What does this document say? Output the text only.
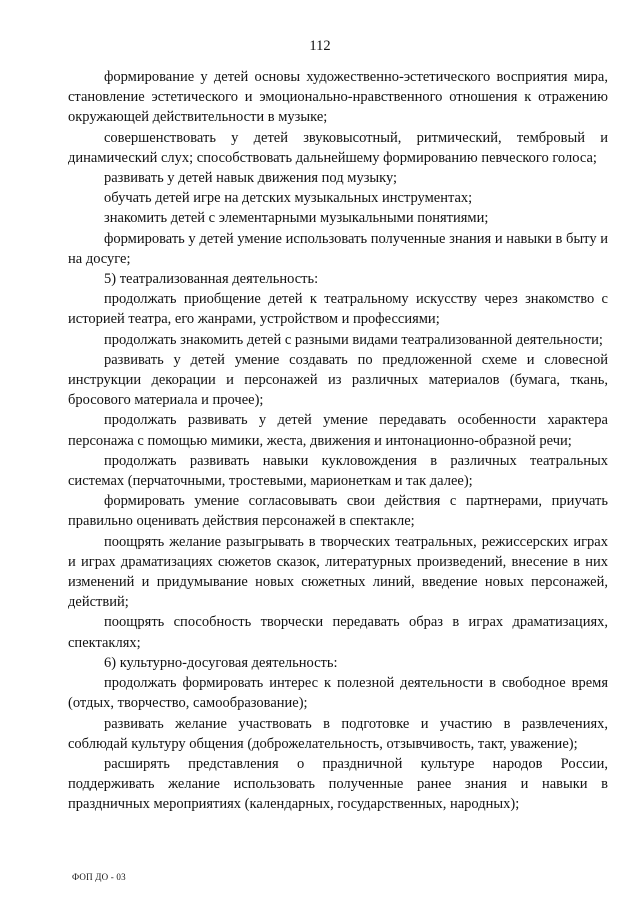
112

формирование у детей основы художественно-эстетического восприятия мира, становление эстетического и эмоционально-нравственного отношения к отражению окружающей действительности в музыке;

совершенствовать у детей звуковысотный, ритмический, тембровый и динамический слух; способствовать дальнейшему формированию певческого голоса;

развивать у детей навык движения под музыку;

обучать детей игре на детских музыкальных инструментах;

знакомить детей с элементарными музыкальными понятиями;

формировать у детей умение использовать полученные знания и навыки в быту и на досуге;

5) театрализованная деятельность:

продолжать приобщение детей к театральному искусству через знакомство с историей театра, его жанрами, устройством и профессиями;

продолжать знакомить детей с разными видами театрализованной деятельности;

развивать у детей умение создавать по предложенной схеме и словесной инструкции декорации и персонажей из различных материалов (бумага, ткань, бросового материала и прочее);

продолжать развивать у детей умение передавать особенности характера персонажа с помощью мимики, жеста, движения и интонационно-образной речи;

продолжать развивать навыки кукловождения в различных театральных системах (перчаточными, тростевыми, марионеткам и так далее);

формировать умение согласовывать свои действия с партнерами, приучать правильно оценивать действия персонажей в спектакле;

поощрять желание разыгрывать в творческих театральных, режиссерских играх и играх драматизациях сюжетов сказок, литературных произведений, внесение в них изменений и придумывание новых сюжетных линий, введение новых персонажей, действий;

поощрять способность творчески передавать образ в играх драматизациях, спектаклях;

6) культурно-досуговая деятельность:

продолжать формировать интерес к полезной деятельности в свободное время (отдых, творчество, самообразование);

развивать желание участвовать в подготовке и участию в развлечениях, соблюдай культуру общения (доброжелательность, отзывчивость, такт, уважение);

расширять представления о праздничной культуре народов России, поддерживать желание использовать полученные ранее знания и навыки в праздничных мероприятиях (календарных, государственных, народных);

ФОП ДО - 03
